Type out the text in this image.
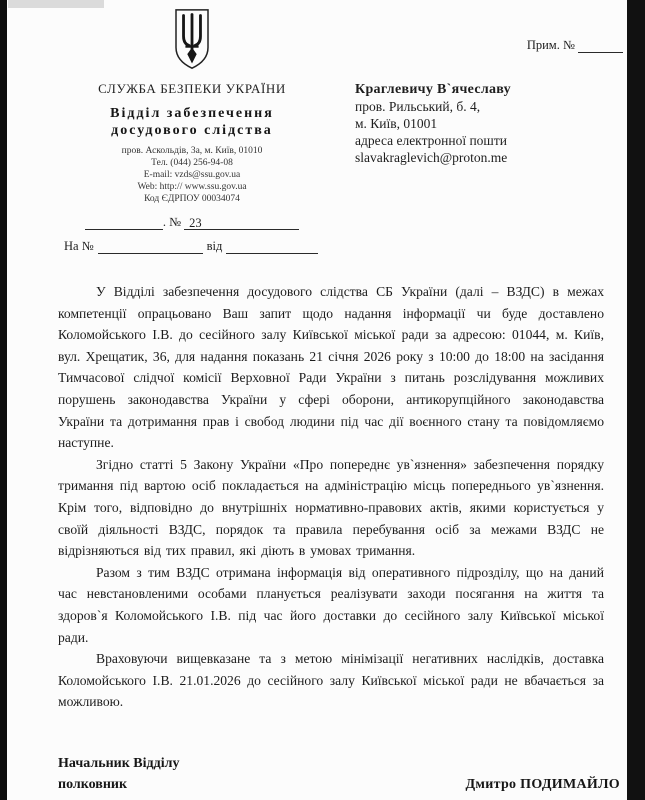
СЛУЖБА БЕЗПЕКИ УКРАЇНИ
Відділ забезпечення
досудового слідства
пров. Аскольдів, 3а, м. Київ, 01010
Тел. (044) 256-94-08
E-mail: vzds@ssu.gov.ua
Web: http:// www.ssu.gov.ua
Код ЄДРПОУ 00034074
. № 23
На №	від
Прим. №
Краглевичу В`ячеславу
пров. Рильський, б. 4,
м. Київ, 01001
адреса електронної пошти
slavakraglevich@proton.me

У Відділі забезпечення досудового слідства СБ України (далі – ВЗДС) в межах компетенції опрацьовано Ваш запит щодо надання інформації чи буде доставлено Коломойського І.В. до сесійного залу Київської міської ради за адресою: 01044, м. Київ, вул. Хрещатик, 36, для надання показань 21 січня 2026 року з 10:00 до 18:00 на засідання Тимчасової слідчої комісії Верховної Ради України з питань розслідування можливих порушень законодавства України у сфері оборони, антикорупційного законодавства України та дотримання прав і свобод людини під час дії воєнного стану та повідомляємо наступне.

Згідно статті 5 Закону України «Про попереднє ув`язнення» забезпечення порядку тримання під вартою осіб покладається на адміністрацію місць попереднього ув`язнення. Крім того, відповідно до внутрішніх нормативно-правових актів, якими користується у своїй діяльності ВЗДС, порядок та правила перебування осіб за межами ВЗДС не відрізняються від тих правил, які діють в умовах тримання.

Разом з тим ВЗДС отримана інформація від оперативного підрозділу, що на даний час невстановленими особами планується реалізувати заходи посягання на життя та здоров`я Коломойського І.В. під час його доставки до сесійного залу Київської міської ради.

Враховуючи вищевказане та з метою мінімізації негативних наслідків, доставка Коломойського І.В. 21.01.2026 до сесійного залу Київської міської ради не вбачається за можливою.

Начальник Відділу
полковник	Дмитро ПОДИМАЙЛО
